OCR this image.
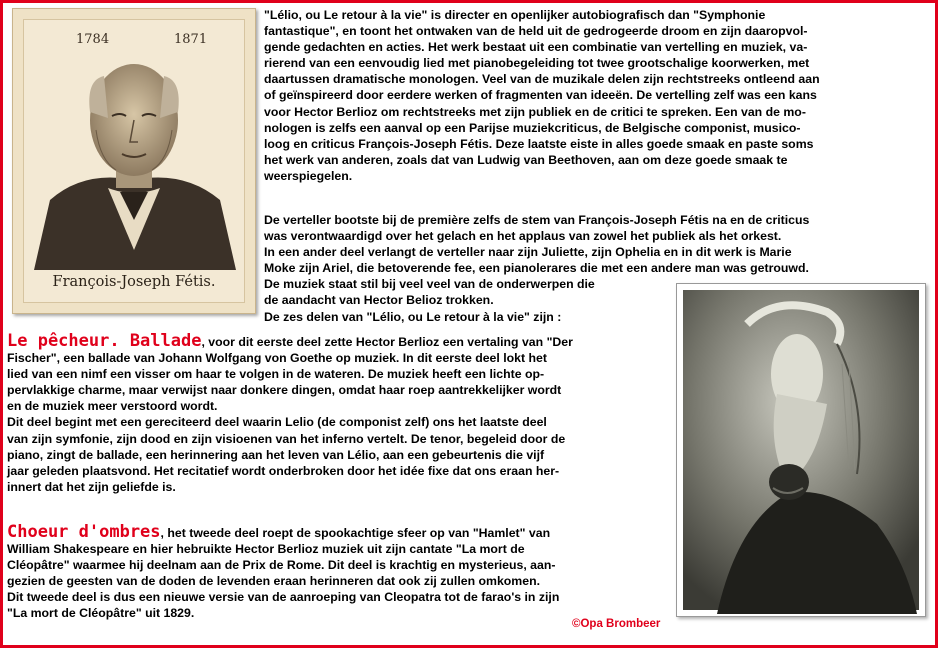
1784	1871
François-Joseph Fétis.
"Lélio, ou Le retour à la vie" is directer en openlijker autobiografisch dan "Symphonie
fantastique", en toont het ontwaken van de held uit de gedrogeerde droom en zijn daaropvol-
gende gedachten en acties. Het werk bestaat uit een combinatie van vertelling en muziek, va-
rierend van een eenvoudig lied met pianobegeleiding tot twee grootschalige koorwerken, met
daartussen dramatische monologen. Veel van de muzikale delen zijn rechtstreeks ontleend aan
of geïnspireerd door eerdere werken of fragmenten van ideeën. De vertelling zelf was een kans
voor Hector Berlioz om rechtstreeks met zijn publiek en de critici te spreken. Een van de mo-
nologen is zelfs een aanval op een Parijse muziekcriticus, de Belgische componist, musico-
loog en criticus François-Joseph Fétis. Deze laatste eiste in alles goede smaak en paste soms
het werk van anderen, zoals dat van Ludwig van Beethoven, aan om deze goede smaak te
weerspiegelen.
De verteller bootste bij de première zelfs de stem van François-Joseph Fétis na en de criticus
was verontwaardigd over het gelach en het applaus van zowel het publiek als het orkest.
In een ander deel verlangt de verteller naar zijn Juliette, zijn Ophelia en in dit werk is Marie
Moke zijn Ariel, die betoverende fee, een pianolerares die met een andere man was getrouwd.
De muziek staat stil bij veel veel van de onderwerpen die
de aandacht van Hector Belioz trokken.
De zes delen van "Lélio, ou Le retour à la vie" zijn :
Le pêcheur. Ballade, voor dit eerste deel zette Hector Berlioz een vertaling van "Der
Fischer", een ballade van Johann Wolfgang von Goethe op muziek. In dit eerste deel lokt het
lied van een nimf een visser om haar te volgen in de wateren. De muziek heeft een lichte op-
pervlakkige charme, maar verwijst naar donkere dingen, omdat haar roep aantrekkelijker wordt
en de muziek meer verstoord wordt.
Dit deel begint met een gereciteerd deel waarin Lelio (de componist zelf) ons het laatste deel
van zijn symfonie, zijn dood en zijn visioenen van het inferno vertelt. De tenor, begeleid door de
piano, zingt de ballade, een herinnering aan het leven van Lélio, aan een gebeurtenis die vijf
jaar geleden plaatsvond. Het recitatief wordt onderbroken door het idée fixe dat ons eraan her-
innert dat het zijn geliefde is.
Choeur d'ombres, het tweede deel roept de spookachtige sfeer op van "Hamlet" van
William Shakespeare en hier hebruikte Hector Berlioz muziek uit zijn cantate "La mort de
Cléopâtre" waarmee hij deelnam aan de Prix de Rome. Dit deel is krachtig en mysterieus, aan-
gezien de geesten van de doden de levenden eraan herinneren dat ook zij zullen omkomen.
Dit tweede deel is dus een nieuwe versie van de aanroeping van Cleopatra tot de farao's in zijn
"La mort de Cléopâtre" uit 1829.
©Opa Brombeer
